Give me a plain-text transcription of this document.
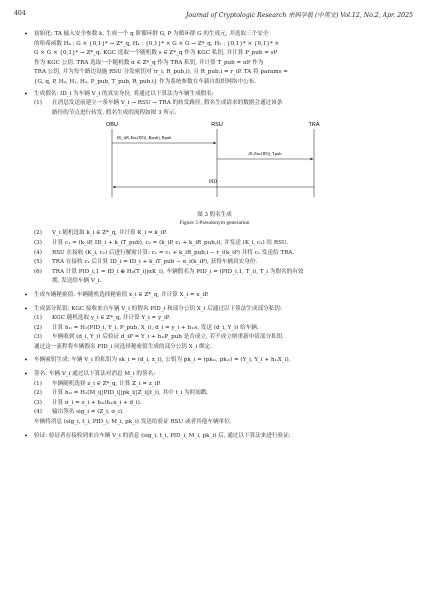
404	Journal of Cryptologic Research 密码学报 (中英文) Vol.12, No.2, Apr. 2025
• 初始化: TA 输入安全参数 k, 生成一个 q 阶循环群 G, P 为循环群 G 的生成元, 并选取三个安全
的哈希函数 H₀ : G × {0,1}* → Z*_q, H₁ : {0,1}* × G × G → Z*_q, H₂ : {0,1}* × {0,1}* ×
G × G × {0,1}* → Z*_q. KGC 选取一个随机数 s ∈ Z*_q 作为 KGC 私钥, 并计算 P_pub = sP
作为 KGC 公钥. TRA 选取一个随机数 α ∈ Z*_q 作为 TRA 私钥, 并计算 T_pub = αP 作为
TRA 公钥, 并为每个路边设施 RSU 分发密钥对 (r_i, R_pub,i), 且 R_pub,i = r_iP. TA 将 params =
{G, q, P, H₀, H₁, H₂, P_pub, T_pub, R_pub,i} 作为系统参数在车载自组织网络中公布.
• 生成假名: ID_i 为车辆 V_i 的真实身份, 将通过以下算法为车辆生成假名:
(1) 在消息发送前建立一条车辆 V_i → RSU → TRA 的转发路径, 假名生成请求的数据会通过该条
路径的节点进行转发. 假名生成的流程如图 3 所示.
OBU	RSU	TRA
(K_i(K,Enc(ID))_Rpub)_Rpub
(K,Enc(ID))_Tpub
PID
图 3 假名生成
Figure 3 Pseudonym generation
(2) V_i 随机选取 k_i ∈ Z*_q, 并计算 K_i = k_iP.
(3) 计算 c₁ = (k_iP, ID_i + k_iT_pub), c₂ = (k_iP, c₁ + k_iR_pub,i), 并发送 (K_i, c₂) 给 RSU.
(4) RSU 在接收 (K_i, c₂) 后进行解密计算: c₁ = c₁ + k_iR_pub,i − r_i(k_iP) 并将 c₁ 发送给 TRA.
(5) TRA 在接收 c₁ 后计算 ID_i = ID_i + k_iT_pub − α_i(k_iP), 获得车辆真实身份.
(6) TRA 计算 PID_i,1 = ID_i ⊕ H₀(T_i||αK_i), 车辆假名为 PID_i = (PID_i,1, T_i), T_i 为假名的有效
期, 发送给车辆 V_i.
• 生成车辆秘密值: 车辆随机选择秘密值 x_i ∈ Z*_q, 并计算 X_i = x_iP.
• 生成部分私钥: KGC 接收来自车辆 V_i 的假名 PID_i 和部分公钥 X_i 后通过以下算法生成部分私钥:
(1) KGC 随机选取 y_i ∈ Z*_q, 并计算 Y_i = y_iP.
(2) 计算 h₁ᵢ = H₁(PID_i, Y_i, P_pub, X_i), d_i = y_i + h₁ᵢs, 发送 (d_i, Y_i) 给车辆.
(3) 车辆收到 (d_i, Y_i) 后验证 d_iP = Y_i + h₁ᵢP_pub 是否成立, 若不成立则重新申请部分私钥.
通过这一流程将车辆假名 PID_i 同选择秘密值生成的部分公钥 X_i 绑定.
• 车辆密钥生成: 车辆 V_i 的私钥为 sk_i = (d_i, x_i), 公钥为 pk_i = (pk₁ᵢ, pk₂ᵢ) = (Y_i, Y_i + h₁ᵢX_i).
• 签名: 车辆 V_i 通过以下算法对消息 M_i 的签名:
(1) 车辆随机选择 z_i ∈ Z*_q, 计算 Z_i = z_iP.
(2) 计算 h₂ᵢ = H₂(M_i||PID_i||pk_i||Z_i||t_i), 其中 t_i 为时间戳.
(3) 计算 σ_i = z_i + h₂ᵢ(h₁ᵢx_i + d_i).
(4) 输出签名 sig_i = (Z_i, σ_i).
车辆将消息 (sig_i, t_i, PID_i, M_i, pk_i) 发送给验证 RSU 或者其他车辆单位.
• 验证: 验证者在接收到来自车辆 V_i 的消息 (sig_i, t_i, PID_i, M_i, pk_i) 后, 通过以下算法来进行验证:
